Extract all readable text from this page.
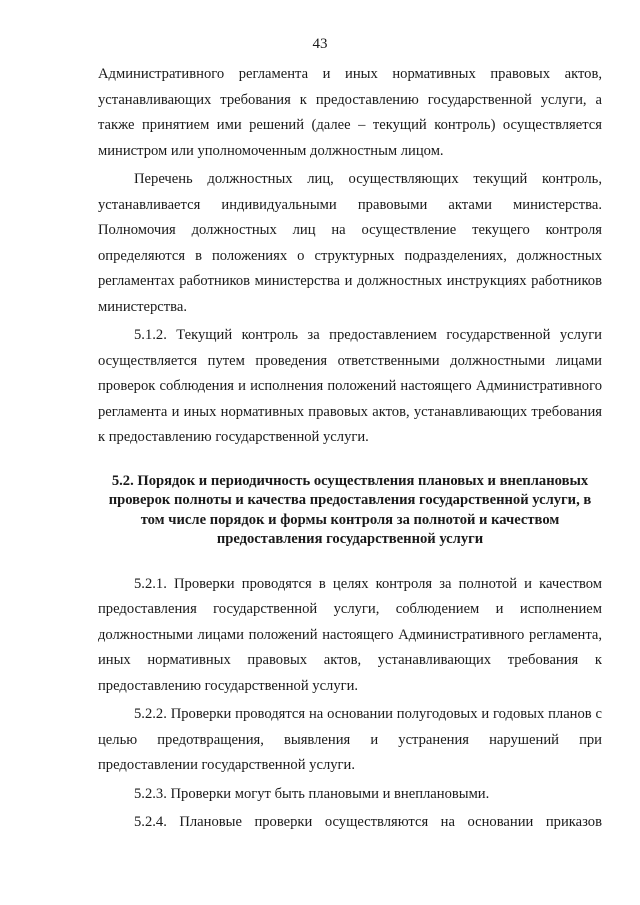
43

Административного регламента и иных нормативных правовых актов, устанавливающих требования к предоставлению государственной услуги, а также принятием ими решений (далее – текущий контроль) осуществляется министром или уполномоченным должностным лицом.

Перечень должностных лиц, осуществляющих текущий контроль, устанавливается индивидуальными правовыми актами министерства. Полномочия должностных лиц на осуществление текущего контроля определяются в положениях о структурных подразделениях, должностных регламентах работников министерства и должностных инструкциях работников министерства.

5.1.2. Текущий контроль за предоставлением государственной услуги осуществляется путем проведения ответственными должностными лицами проверок соблюдения и исполнения положений настоящего Административного регламента и иных нормативных правовых актов, устанавливающих требования к предоставлению государственной услуги.

5.2. Порядок и периодичность осуществления плановых и внеплановых проверок полноты и качества предоставления государственной услуги, в том числе порядок и формы контроля за полнотой и качеством предоставления государственной услуги

5.2.1. Проверки проводятся в целях контроля за полнотой и качеством предоставления государственной услуги, соблюдением и исполнением должностными лицами положений настоящего Административного регламента, иных нормативных правовых актов, устанавливающих требования к предоставлению государственной услуги.

5.2.2. Проверки проводятся на основании полугодовых и годовых планов с целью предотвращения, выявления и устранения нарушений при предоставлении государственной услуги.

5.2.3. Проверки могут быть плановыми и внеплановыми.

5.2.4. Плановые проверки осуществляются на основании приказов
